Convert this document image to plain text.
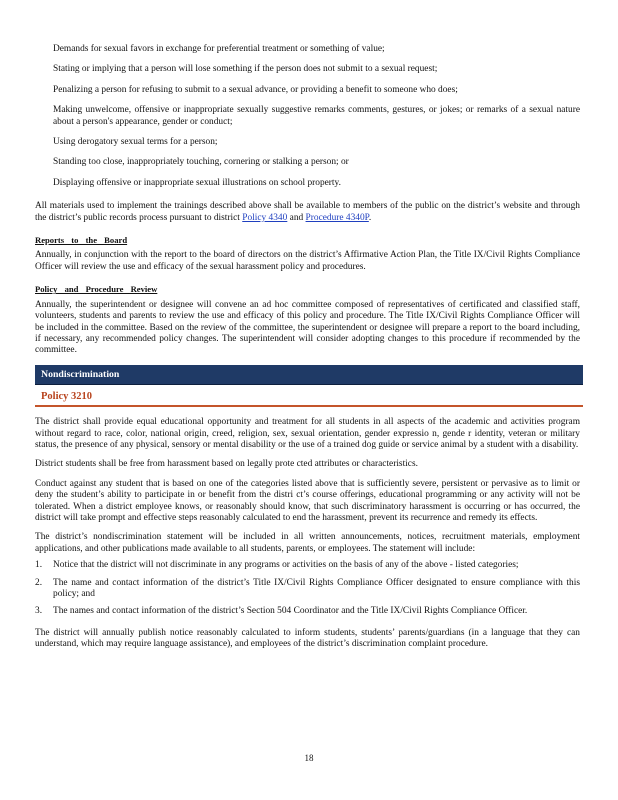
Demands for sexual favors in exchange for preferential treatment or something of value;
Stating or implying that a person will lose something if the person does not submit to a sexual request;
Penalizing a person for refusing to submit to a sexual advance, or providing a benefit to someone who does;
Making unwelcome, offensive or inappropriate sexually suggestive remarks comments, gestures, or jokes; or remarks of a sexual nature about a person's appearance, gender or conduct;
Using derogatory sexual terms for a person;
Standing too close, inappropriately touching, cornering or stalking a person; or
Displaying offensive or inappropriate sexual illustrations on school property.

All materials used to implement the trainings described above shall be available to members of the public on the district’s website and through the district’s public records process pursuant to district Policy 4340 and Procedure 4340P.

Reports to the Board

Annually, in conjunction with the report to the board of directors on the district’s Affirmative Action Plan, the Title IX/Civil Rights Compliance Officer will review the use and efficacy of the sexual harassment policy and procedures.

Policy and Procedure Review

Annually, the superintendent or designee will convene an ad hoc committee composed of representatives of certificated and classified staff, volunteers, students and parents to review the use and efficacy of this policy and procedure. The Title IX/Civil Rights Compliance Officer will be included in the committee. Based on the review of the committee, the superintendent or designee will prepare a report to the board including, if necessary, any recommended policy changes. The superintendent will consider adopting changes to this procedure if recommended by the committee.

Nondiscrimination
Policy 3210

The district shall provide equal educational opportunity and treatment for all students in all aspects of the academic and activities program without regard to race, color, national origin, creed, religion, sex, sexual orientation, gender expressio n, gende r identity, veteran or military status, the presence of any physical, sensory or mental disability or the use of a trained dog guide or service animal by a student with a disability.

District students shall be free from harassment based on legally prote cted attributes or characteristics.

Conduct against any student that is based on one of the categories listed above that is sufficiently severe, persistent or pervasive as to limit or deny the student’s ability to participate in or benefit from the distri ct’s course offerings, educational programming or any activity will not be tolerated. When a district employee knows, or reasonably should know, that such discriminatory harassment is occurring or has occurred, the district will take prompt and effective steps reasonably calculated to end the harassment, prevent its recurrence and remedy its effects.

The district’s nondiscrimination statement will be included in all written announcements, notices, recruitment materials, employment applications, and other publications made available to all students, parents, or employees. The statement will include:

1.	Notice that the district will not discriminate in any programs or activities on the basis of any of the above - listed categories;
2.	The name and contact information of the district’s Title IX/Civil Rights Compliance Officer designated to ensure compliance with this policy; and
3.	The names and contact information of the district’s Section 504 Coordinator and the Title IX/Civil Rights Compliance Officer.

The district will annually publish notice reasonably calculated to inform students, students’ parents/guardians (in a language that they can understand, which may require language assistance), and employees of the district’s discrimination complaint procedure.

18
